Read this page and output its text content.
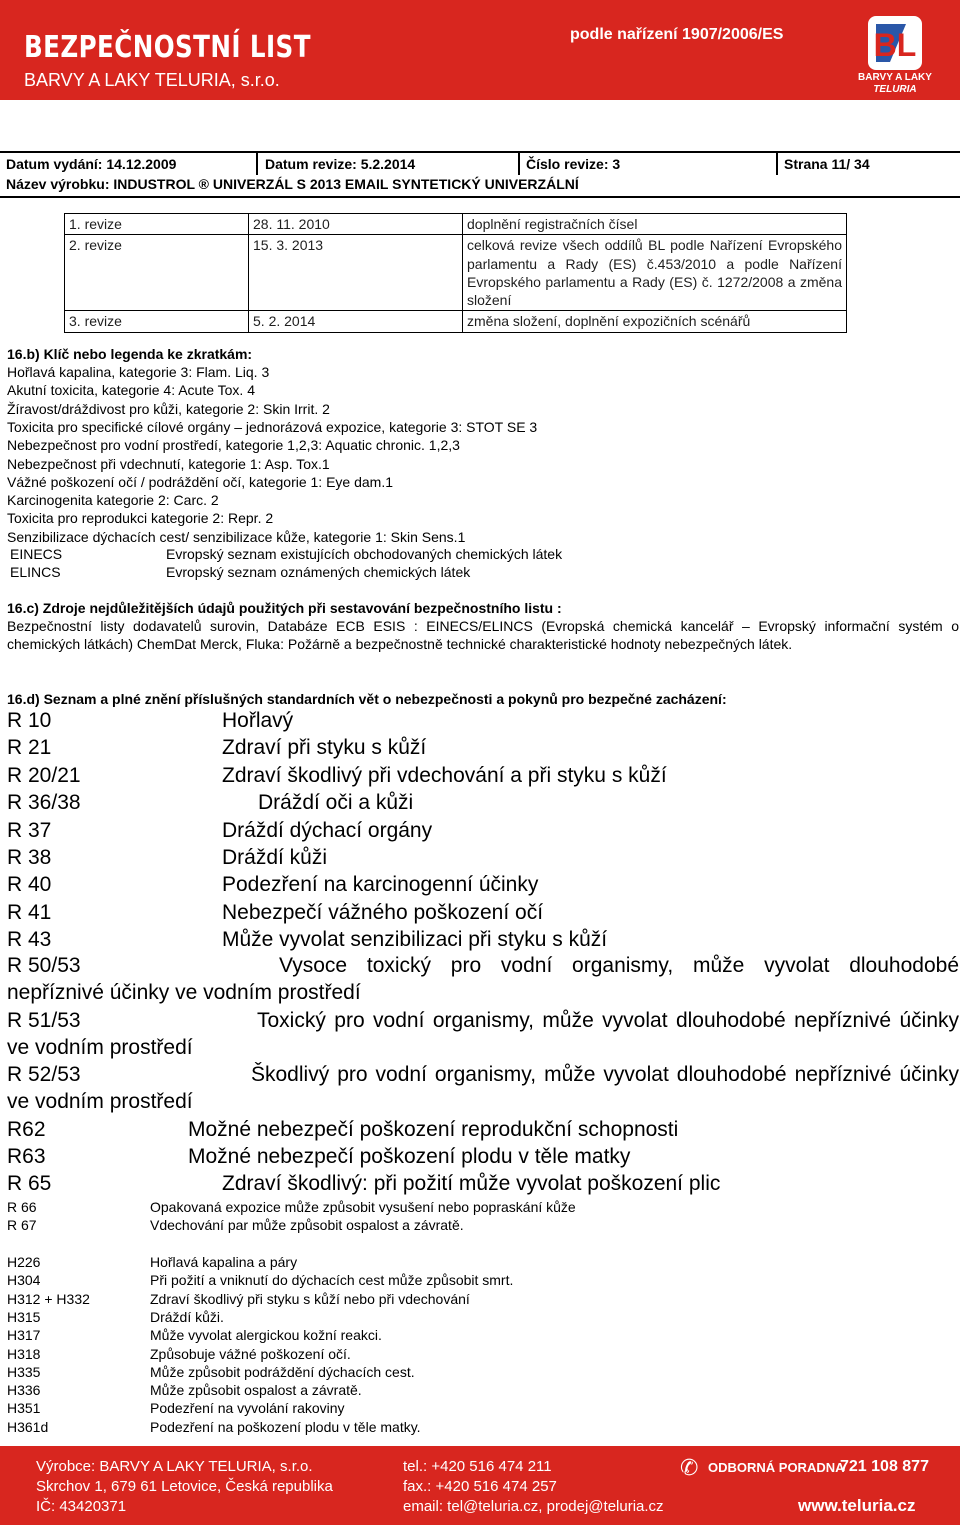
BEZPEČNOSTNÍ LIST
BARVY A LAKY TELURIA, s.r.o.
podle nařízení 1907/2006/ES	BL
BARVY A LAKY
TELURIA
Datum vydání: 14.12.2009	Datum revize: 5.2.2014	Číslo revize: 3	Strana 11/ 34
Název výrobku: INDUSTROL ® UNIVERZÁL S 2013 EMAIL SYNTETICKÝ UNIVERZÁLNÍ
1. revize	28. 11. 2010	doplnění registračních čísel
2. revize	15. 3. 2013	celková revize všech oddílů BL podle Nařízení Evropského parlamentu a Rady (ES) č.453/2010 a podle Nařízení Evropského parlamentu a Rady (ES) č. 1272/2008 a změna složení
3. revize	5. 2. 2014	změna složení, doplnění expozičních scénářů
16.b) Klíč nebo legenda ke zkratkám:
Hořlavá kapalina, kategorie 3: Flam. Liq. 3
Akutní toxicita, kategorie 4: Acute Tox. 4
Žíravost/dráždivost pro kůži, kategorie 2: Skin Irrit. 2
Toxicita pro specifické cílové orgány – jednorázová expozice, kategorie 3: STOT SE 3
Nebezpečnost pro vodní prostředí, kategorie 1,2,3: Aquatic chronic. 1,2,3
Nebezpečnost při vdechnutí, kategorie 1: Asp. Tox.1
Vážné poškození očí / podráždění očí, kategorie 1: Eye dam.1
Karcinogenita kategorie 2: Carc. 2
Toxicita pro reprodukci kategorie 2: Repr. 2
Senzibilizace dýchacích cest/ senzibilizace kůže, kategorie 1: Skin Sens.1
EINECS	Evropský seznam existujících obchodovaných chemických látek
ELINCS	Evropský seznam oznámených chemických látek
16.c) Zdroje nejdůležitějších údajů použitých při sestavování bezpečnostního listu :
Bezpečnostní listy dodavatelů surovin, Databáze ECB ESIS : EINECS/ELINCS (Evropská chemická kancelář – Evropský informační systém o chemických látkách) ChemDat Merck, Fluka: Požárně a bezpečnostně technické charakteristické hodnoty nebezpečných látek.
16.d) Seznam a plné znění příslušných standardních vět o nebezpečnosti a pokynů pro bezpečné zacházení:
R 10	Hořlavý
R 21	Zdraví při styku s kůží
R 20/21	Zdraví škodlivý při vdechování a při styku s kůží
R 36/38	Dráždí oči a kůži
R 37	Dráždí dýchací orgány
R 38	Dráždí kůži
R 40	Podezření na karcinogenní účinky
R 41	Nebezpečí vážného poškození očí
R 43	Může vyvolat senzibilizaci při styku s kůží
R 50/53	Vysoce toxický pro vodní organismy, může vyvolat dlouhodobé nepříznivé účinky ve vodním prostředí
R 51/53	Toxický pro vodní organismy, může vyvolat dlouhodobé nepříznivé účinky ve vodním prostředí
R 52/53	Škodlivý pro vodní organismy, může vyvolat dlouhodobé nepříznivé účinky ve vodním prostředí
R62	Možné nebezpečí poškození reprodukční schopnosti
R63	Možné nebezpečí poškození plodu v těle matky
R 65	Zdraví škodlivý: při požití může vyvolat poškození plic
R 66	Opakovaná expozice může způsobit vysušení nebo popraskání kůže
R 67	Vdechování par může způsobit ospalost a závratě.
H226	Hořlavá kapalina a páry
H304	Při požití a vniknutí do dýchacích cest může způsobit smrt.
H312 + H332	Zdraví škodlivý při styku s kůží nebo při vdechování
H315	Dráždí kůži.
H317	Může vyvolat alergickou kožní reakci.
H318	Způsobuje vážné poškození očí.
H335	Může způsobit podráždění dýchacích cest.
H336	Může způsobit ospalost a závratě.
H351	Podezření na vyvolání rakoviny
H361d	Podezření na poškození plodu v těle matky.
Výrobce: BARVY A LAKY TELURIA, s.r.o.
Skrchov 1, 679 61 Letovice, Česká republika
IČ: 43420371
tel.: +420 516 474 211
fax.: +420 516 474 257
email: tel@teluria.cz, prodej@teluria.cz
✆ ODBORNÁ PORADNA
721 108 877
www.teluria.cz
